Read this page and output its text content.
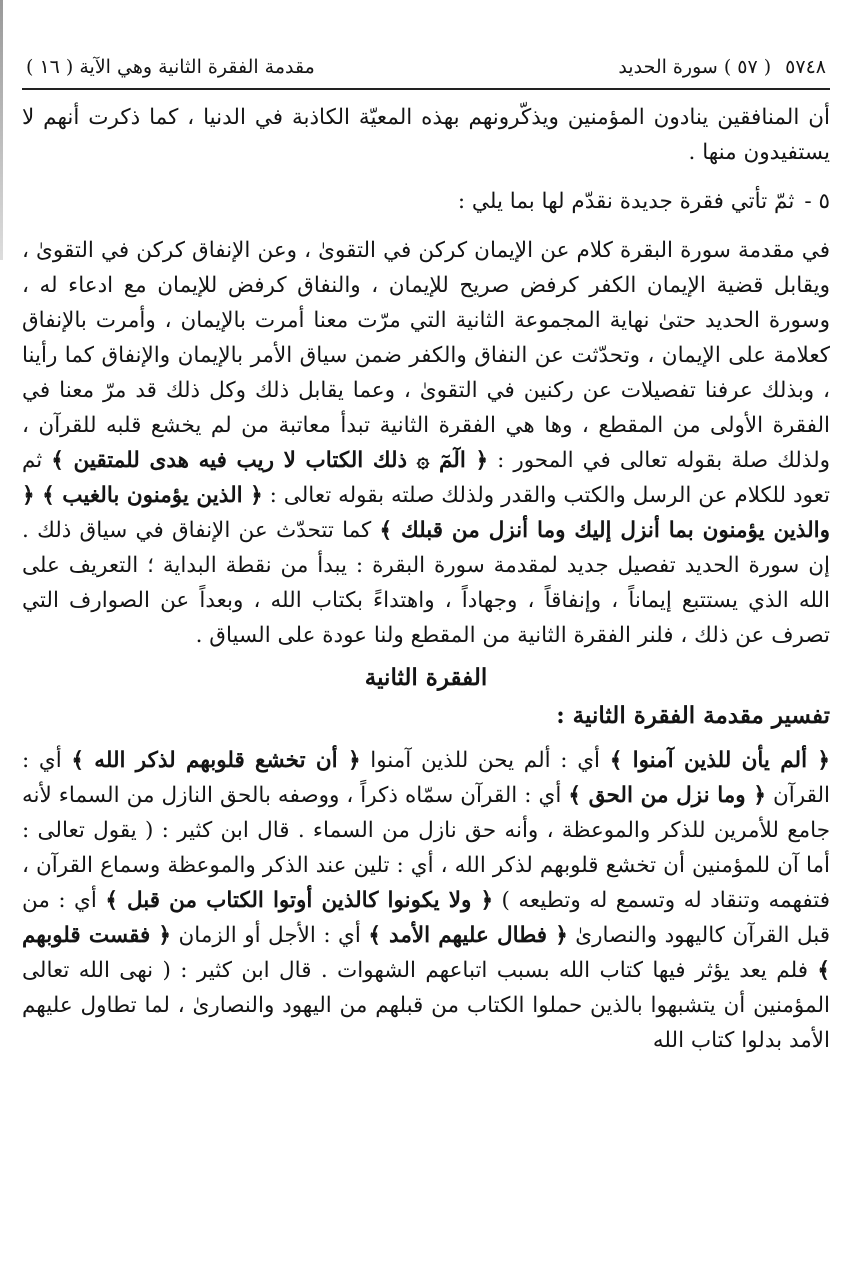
٥٧٤٨( ٥٧ ) سورة الحديد
مقدمة الفقرة الثانية وهي الآية ( ١٦ )

أن المنافقين ينادون المؤمنين ويذكّرونهم بهذه المعيّة الكاذبة في الدنيا ، كما ذكرت أنهم لا يستفيدون منها .

٥ -ثمّ تأتي فقرة جديدة نقدّم لها بما يلي :

في مقدمة سورة البقرة كلام عن الإيمان كركن في التقوىٰ ، وعن الإنفاق كركن في التقوىٰ ، ويقابل قضية الإيمان الكفر كرفض صريح للإيمان ، والنفاق كرفض للإيمان مع ادعاء له ، وسورة الحديد حتىٰ نهاية المجموعة الثانية التي مرّت معنا أمرت بالإيمان ، وأمرت بالإنفاق كعلامة على الإيمان ، وتحدّثت عن النفاق والكفر ضمن سياق الأمر بالإيمان والإنفاق كما رأينا ، وبذلك عرفنا تفصيلات عن ركنين في التقوىٰ ، وعما يقابل ذلك وكل ذلك قد مرّ معنا في الفقرة الأولى من المقطع ، وها هي الفقرة الثانية تبدأ معاتبة من لم يخشع قلبه للقرآن ، ولذلك صلة بقوله تعالى في المحور : ﴿ الٓمٓ ۞ ذلك الكتاب لا ريب فيه هدى للمتقين ﴾ ثم تعود للكلام عن الرسل والكتب والقدر ولذلك صلته بقوله تعالى : ﴿ الذين يؤمنون بالغيب ﴾ ﴿ والذين يؤمنون بما أنزل إليك وما أنزل من قبلك ﴾ كما تتحدّث عن الإنفاق في سياق ذلك . إن سورة الحديد تفصيل جديد لمقدمة سورة البقرة : يبدأ من نقطة البداية ؛ التعريف على الله الذي يستتبع إيماناً ، وإنفاقاً ، وجهاداً ، واهتداءً بكتاب الله ، وبعداً عن الصوارف التي تصرف عن ذلك ، فلنر الفقرة الثانية من المقطع ولنا عودة على السياق .

الفقرة الثانية

تفسير مقدمة الفقرة الثانية :

﴿ ألم يأن للذين آمنوا ﴾ أي : ألم يحن للذين آمنوا ﴿ أن تخشع قلوبهم لذكر الله ﴾ أي : القرآن ﴿ وما نزل من الحق ﴾ أي : القرآن سمّاه ذكراً ، ووصفه بالحق النازل من السماء لأنه جامع للأمرين للذكر والموعظة ، وأنه حق نازل من السماء . قال ابن كثير : ( يقول تعالى : أما آن للمؤمنين أن تخشع قلوبهم لذكر الله ، أي : تلين عند الذكر والموعظة وسماع القرآن ، فتفهمه وتنقاد له وتسمع له وتطيعه ) ﴿ ولا يكونوا كالذين أوتوا الكتاب من قبل ﴾ أي : من قبل القرآن كاليهود والنصارىٰ ﴿ فطال عليهم الأمد ﴾ أي : الأجل أو الزمان ﴿ فقست قلوبهم ﴾ فلم يعد يؤثر فيها كتاب الله بسبب اتباعهم الشهوات . قال ابن كثير : ( نهى الله تعالى المؤمنين أن يتشبهوا بالذين حملوا الكتاب من قبلهم من اليهود والنصارىٰ ، لما تطاول عليهم الأمد بدلوا كتاب الله
